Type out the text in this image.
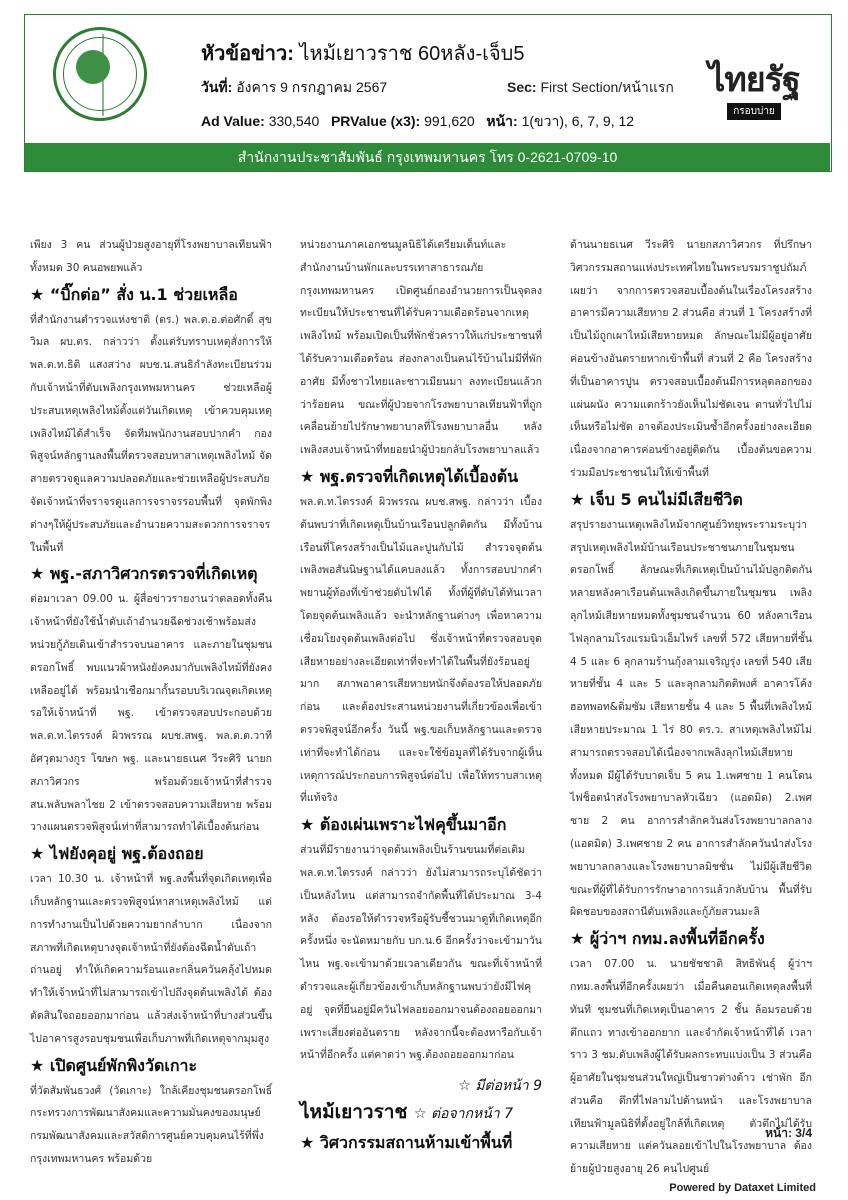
หัวข้อข่าว: ไหม้เยาวราช 60หลัง-เจ็บ5
วันที่: อังคาร 9 กรกฎาคม 2567	Sec: First Section/หน้าแรก
Ad Value: 330,540 PRValue (x3): 991,620 หน้า: 1(ขวา), 6, 7, 9, 12
ไทยรัฐ
กรอบบ่าย
สำนักงานประชาสัมพันธ์ กรุงเทพมหานคร โทร 0-2621-0709-10

เพียง 3 คน ส่วนผู้ป่วยสูงอายุที่โรงพยาบาลเทียนฟ้า ทั้งหมด 30 คนอพยพแล้ว

★ “บิ๊กต่อ” สั่ง น.1 ช่วยเหลือ

ที่สำนักงานตำรวจแห่งชาติ (ตร.) พล.ต.อ.ต่อศักดิ์ สุขวิมล ผบ.ตร. กล่าวว่า ตั้งแต่รับทราบเหตุสั่งการให้ พล.ต.ท.ธิติ แสงสว่าง ผบช.น.สนธิกำลังทะเบียนร่วมกับเจ้าหน้าที่ดับเพลิงกรุงเทพมหานคร ช่วยเหลือผู้ประสบเหตุเพลิงไหม้ตั้งแต่วันเกิดเหตุ เข้าควบคุมเหตุเพลิงไหม้ได้สำเร็จ จัดทีมพนักงานสอบปากคำ กองพิสูจน์หลักฐานลงพื้นที่ตรวจสอบหาสาเหตุเพลิงไหม้ จัดสายตรวจดูแลความปลอดภัยและช่วยเหลือผู้ประสบภัย จัดเจ้าหน้าที่จราจรดูแลการจราจรรอบพื้นที่ จุดพักพิงต่างๆให้ผู้ประสบภัยและอำนวยความสะดวกการจราจรในพื้นที่

★ พฐ.-สภาวิศวกรตรวจที่เกิดเหตุ

ต่อมาเวลา 09.00 น. ผู้สื่อข่าวรายงานว่าตลอดทั้งคืนเจ้าหน้าที่ยังใช้น้ำดับเถ้าอำนวยฉีดช่วงเช้าพร้อมส่งหน่วยกู้ภัยเดินเข้าสำรวจบนอาคาร และภายในชุมชนตรอกโพธิ์ พบแนวผ้าหนังยังคงมากับเพลิงไหม้ที่ยังคงเหลืออยู่ได้ พร้อมนำเชือกมากั้นรอบบริเวณจุดเกิดเหตุรอให้เจ้าหน้าที่ พฐ. เข้าตรวจสอบประกอบด้วย พล.ต.ท.ไตรรงค์ ผิวพรรณ ผบช.สพฐ. พล.ต.ต.วาที อัศวุตมางกูร โฆษก พฐ. และนายธเนศ วีระศิริ นายกสภาวิศวกร พร้อมด้วยเจ้าหน้าที่สำรวจสน.พลับพลาไชย 2 เข้าตรวจสอบความเสียหาย พร้อมวางแผนตรวจพิสูจน์เท่าที่สามารถทำได้เบื้องต้นก่อน

★ ไฟยังคุอยู่ พฐ.ต้องถอย

เวลา 10.30 น. เจ้าหน้าที่ พฐ.ลงพื้นที่จุดเกิดเหตุเพื่อเก็บหลักฐานและตรวจพิสูจน์หาสาเหตุเพลิงไหม้ แต่การทำงานเป็นไปด้วยความยากลำบาก เนื่องจากสภาพที่เกิดเหตุบางจุดเจ้าหน้าที่ยังต้องฉีดน้ำดับเถ้าถ่านอยู่ ทำให้เกิดความร้อนและกลิ่นควันคลุ้งไปหมด ทำให้เจ้าหน้าที่ไม่สามารถเข้าไปถึงจุดต้นเพลิงได้ ต้องตัดสินใจถอยออกมาก่อน แล้วส่งเจ้าหน้าที่บางส่วนขึ้นไปอาคารสูงรอบชุมชนเพื่อเก็บภาพที่เกิดเหตุจากมุมสูง

★ เปิดศูนย์พักพิงวัดเกาะ

ที่วัดสัมพันธวงศ์ (วัดเกาะ) ใกล้เคียงชุมชนตรอกโพธิ์ กระทรวงการพัฒนาสังคมและความมั่นคงของมนุษย์ กรมพัฒนาสังคมและสวัสดิการศูนย์ควบคุมคนไร้ที่พึ่ง กรุงเทพมหานคร พร้อมด้วย

หน่วยงานภาคเอกชนมูลนิธิได้เตรียมเต็นท์และสำนักงานบ้านพักและบรรเทาสาธารณภัยกรุงเทพมหานคร เปิดศูนย์กองอำนวยการเป็นจุดลงทะเบียนให้ประชาชนที่ได้รับความเดือดร้อนจากเหตุเพลิงไหม้ พร้อมเปิดเป็นที่พักชั่วคราวให้แก่ประชาชนที่ได้รับความเดือดร้อน ส่องกลางเป็นคนไร้บ้านไม่มีที่พักอาศัย มีทั้งชาวไทยและชาวเมียนมา ลงทะเบียนแล้วกว่าร้อยคน ขณะที่ผู้ป่วยจากโรงพยาบาลเทียนฟ้าที่ถูกเคลื่อนย้ายไปรักษาพยาบาลที่โรงพยาบาลอื่น หลังเพลิงสงบเจ้าหน้าที่ทยอยนำผู้ป่วยกลับโรงพยาบาลแล้ว

★ พฐ.ตรวจที่เกิดเหตุได้เบื้องต้น

พล.ต.ท.ไตรรงค์ ผิวพรรณ ผบช.สพฐ. กล่าวว่า เบื้องต้นพบว่าที่เกิดเหตุเป็นบ้านเรือนปลูกติดกัน มีทั้งบ้านเรือนที่โครงสร้างเป็นไม้และปูนกับไม้ สำรวจจุดต้นเพลิงพอสันนิษฐานได้แคบลงแล้ว ทั้งการสอบปากคำพยานผู้ท้องที่เข้าช่วยดับไฟได้ ทั้งที่ผู้ที่ดับได้ทันเวลาโดยจุดต้นเพลิงแล้ว จะนำหลักฐานต่างๆ เพื่อหาความเชื่อมโยงจุดต้นเพลิงต่อไป ซึ่งเจ้าหน้าที่ตรวจสอบจุดเสียหายอย่างละเอียดเท่าที่จะทำได้ในพื้นที่ยังร้อนอยู่มาก สภาพอาคารเสียหายหนักจึงต้องรอให้ปลอดภัยก่อน และต้องประสานหน่วยงานที่เกี่ยวข้องเพื่อเข้าตรวจพิสูจน์อีกครั้ง วันนี้ พฐ.ขอเก็บหลักฐานและตรวจเท่าที่จะทำได้ก่อน และจะใช้ข้อมูลที่ได้รับจากผู้เห็นเหตุการณ์ประกอบการพิสูจน์ต่อไป เพื่อให้ทราบสาเหตุที่แท้จริง

★ ต้องเผ่นเพราะไฟคุขึ้นมาอีก

ส่วนที่มีรายงานว่าจุดต้นเพลิงเป็นร้านขนมที่ต่อเติม พล.ต.ท.ไตรรงค์ กล่าวว่า ยังไม่สามารถระบุได้ชัดว่าเป็นหลังไหน แต่สามารถจำกัดพื้นที่ได้ประมาณ 3-4 หลัง ต้องรอให้ตำรวจหรือผู้รับชี้ชวนมาดูที่เกิดเหตุอีกครั้งหนึ่ง จะนัดหมายกับ บก.น.6 อีกครั้งว่าจะเข้ามาวันไหน พฐ.จะเข้ามาด้วยเวลาเดียวกัน ขณะที่เจ้าหน้าที่ตำรวจและผู้เกี่ยวข้องเข้าเก็บหลักฐานพบว่ายังมีไฟคุอยู่ จุดที่ยืนอยู่มีควันไฟลอยออกมาจนต้องถอยออกมาเพราะเสี่ยงต่ออันตราย หลังจากนี้จะต้องหารือกับเจ้าหน้าที่อีกครั้ง แต่คาดว่า พฐ.ต้องถอยออกมาก่อน

☆ มีต่อหน้า 9
ไหม้เยาวราช ☆ ต่อจากหน้า 7
★ วิศวกรรมสถานห้ามเข้าพื้นที่

ด้านนายธเนศ วีระศิริ นายกสภาวิศวกร ที่ปรึกษาวิศวกรรมสถานแห่งประเทศไทยในพระบรมราชูปถัมภ์ เผยว่า จากการตรวจสอบเบื้องต้นในเรื่องโครงสร้างอาคารมีความเสียหาย 2 ส่วนคือ ส่วนที่ 1 โครงสร้างที่เป็นไม้ถูกเผาไหม้เสียหายหมด ลักษณะไม่มีผู้อยู่อาศัยค่อนข้างอันตรายหากเข้าพื้นที่ ส่วนที่ 2 คือ โครงสร้างที่เป็นอาคารปูน ตรวจสอบเบื้องต้นมีการหลุดลอกของแผ่นผนัง ความแตกร้าวยังเห็นไม่ชัดเจน ตานทั่วไปไม่เห็นหรือไม่ชัด อาจต้องประเมินซ้ำอีกครั้งอย่างละเอียด เนื่องจากอาคารค่อนข้างอยู่ติดกัน เบื้องต้นขอความร่วมมือประชาชนไม่ให้เข้าพื้นที่

★ เจ็บ 5 คนไม่มีเสียชีวิต

สรุปรายงานเหตุเพลิงไหม้จากศูนย์วิทยุพระรามระบุว่า สรุปเหตุเพลิงไหม้บ้านเรือนประชาชนภายในชุมชนตรอกโพธิ์ ลักษณะที่เกิดเหตุเป็นบ้านไม้ปลูกติดกันหลายหลังคาเรือนต้นเพลิงเกิดขึ้นภายในชุมชน เพลิงลุกไหม้เสียหายหมดทั้งชุมชนจำนวน 60 หลังคาเรือน ไฟลุกลามโรงแรมนิวเอ็มไพร์ เลขที่ 572 เสียหายที่ชั้น 4 5 และ 6 ลุกลามร้านกุ้งลามเจริญรุ่ง เลขที่ 540 เสียหายที่ชั้น 4 และ 5 และลุกลามกิตติพงศ์ อาคารโค้ง ฮอทพอท&ดิ่มซัม เสียหายชั้น 4 และ 5 พื้นที่เพลิงไหม้เสียหายประมาณ 1 ไร่ 80 ตร.ว. สาเหตุเพลิงไหม้ไม่สามารถตรวจสอบได้เนื่องจากเพลิงลุกไหม้เสียหายทั้งหมด มีผู้ได้รับบาดเจ็บ 5 คน 1.เพศชาย 1 คนโดนไฟช็อตนำส่งโรงพยาบาลหัวเฉียว (แอดมิด) 2.เพศชาย 2 คน อาการสำลักควันส่งโรงพยาบาลกลาง (แอดมิด) 3.เพศชาย 2 คน อาการสำลักควันนำส่งโรงพยาบาลกลางและโรงพยาบาลมิชชั่น ไม่มีผู้เสียชีวิต ขณะที่ผู้ที่ได้รับการรักษาอาการแล้วกลับบ้าน พื้นที่รับผิดชอบของสถานีดับเพลิงและกู้ภัยสวนมะลิ

★ ผู้ว่าฯ กทม.ลงพื้นที่อีกครั้ง

เวลา 07.00 น. นายชัชชาติ สิทธิพันธุ์ ผู้ว่าฯ กทม.ลงพื้นที่อีกครั้งเผยว่า เมื่อคืนตอนเกิดเหตุลงพื้นที่ทันที ชุมชนที่เกิดเหตุเป็นอาคาร 2 ชั้น ล้อมรอบด้วยตึกแถว ทางเข้าออกยาก และจำกัดเจ้าหน้าที่ได้ เวลาราว 3 ชม.ดับเพลิงผู้ได้รับผลกระทบแบ่งเป็น 3 ส่วนคือผู้อาศัยในชุมชนส่วนใหญ่เป็นชาวต่างด้าว เช่าพัก อีกส่วนคือ ตึกที่ไฟลามไปด้านหน้า และโรงพยาบาลเทียนฟ้ามูลนิธิที่ตั้งอยู่ใกล้ที่เกิดเหตุ ตัวตึกไม่ได้รับความเสียหาย แต่ควันลอยเข้าไปในโรงพยาบาล ต้องย้ายผู้ป่วยสูงอายุ 26 คนไปศูนย์

หน้า: 3/4
Powered by Dataxet Limited
